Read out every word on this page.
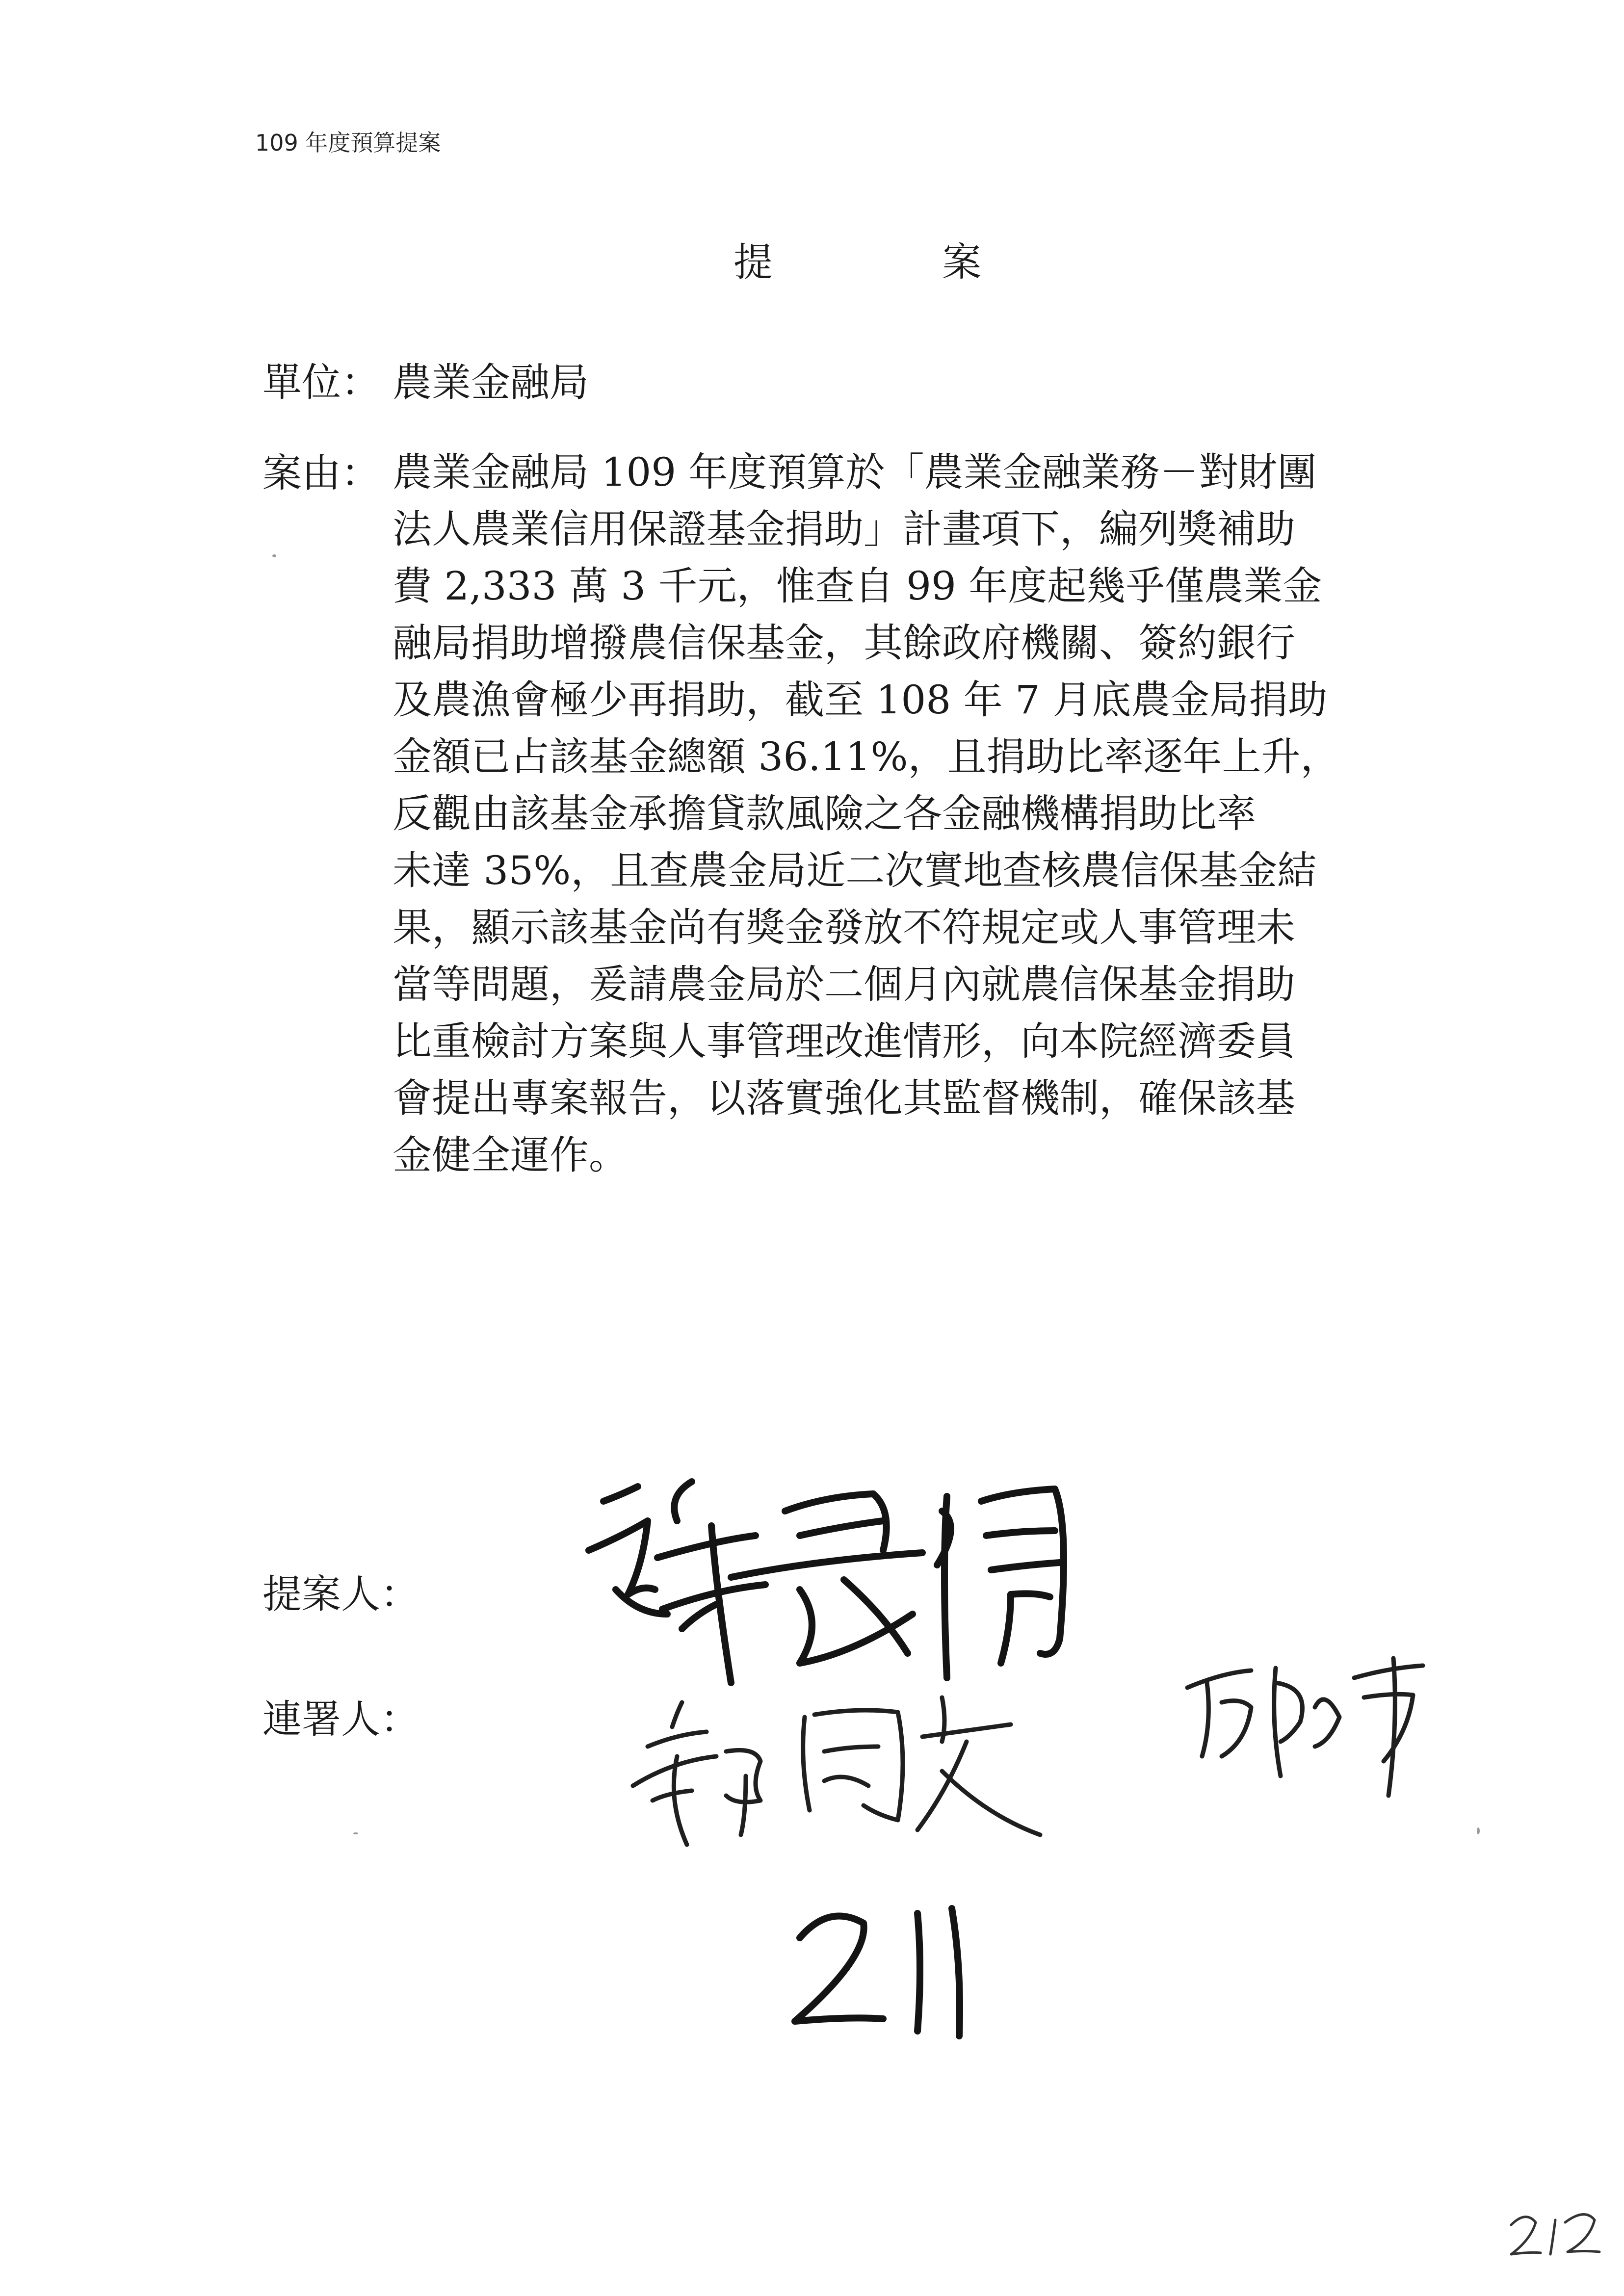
109 年度預算提案
提 案
單位： 農業金融局
案由： 農業金融局 109 年度預算於「農業金融業務－對財團
法人農業信用保證基金捐助」計畫項下，編列獎補助
費 2,333 萬 3 千元，惟查自 99 年度起幾乎僅農業金
融局捐助增撥農信保基金，其餘政府機關、簽約銀行
及農漁會極少再捐助，截至 108 年 7 月底農金局捐助
金額已占該基金總額 36.11%，且捐助比率逐年上升，
反觀由該基金承擔貸款風險之各金融機構捐助比率
未達 35%，且查農金局近二次實地查核農信保基金結
果，顯示該基金尚有獎金發放不符規定或人事管理未
當等問題，爰請農金局於二個月內就農信保基金捐助
比重檢討方案與人事管理改進情形，向本院經濟委員
會提出專案報告，以落實強化其監督機制，確保該基
金健全運作。
提案人：
連署人：
